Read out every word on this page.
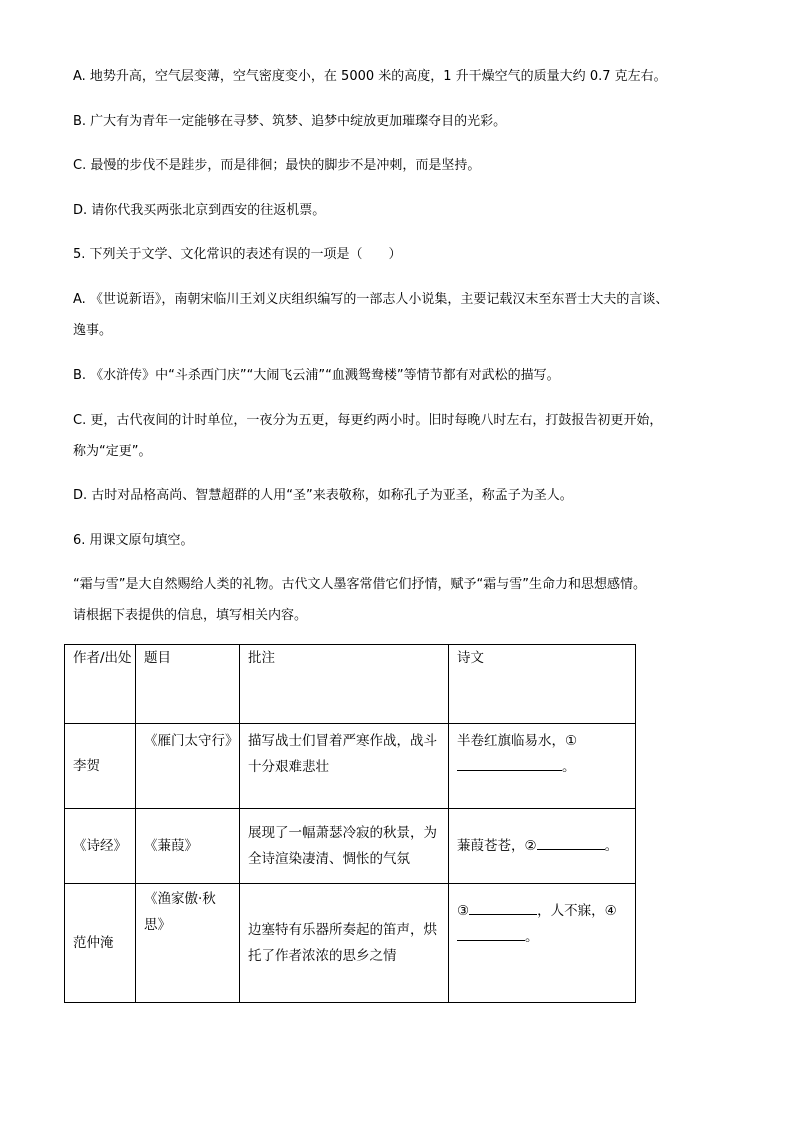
A. 地势升高，空气层变薄，空气密度变小，在 5000 米的高度，1 升干燥空气的质量大约 0.7 克左右。
B. 广大有为青年一定能够在寻梦、筑梦、追梦中绽放更加璀璨夺目的光彩。
C. 最慢的步伐不是跬步，而是徘徊；最快的脚步不是冲刺，而是坚持。
D. 请你代我买两张北京到西安的往返机票。
5. 下列关于文学、文化常识的表述有误的一项是（　　）
A. 《世说新语》，南朝宋临川王刘义庆组织编写的一部志人小说集，主要记载汉末至东晋士大夫的言谈、
逸事。
B. 《水浒传》中“斗杀西门庆”“大闹飞云浦”“血溅鸳鸯楼”等情节都有对武松的描写。
C. 更，古代夜间的计时单位，一夜分为五更，每更约两小时。旧时每晚八时左右，打鼓报告初更开始，
称为“定更”。
D. 古时对品格高尚、智慧超群的人用“圣”来表敬称，如称孔子为亚圣，称孟子为圣人。
6. 用课文原句填空。
“霜与雪”是大自然赐给人类的礼物。古代文人墨客常借它们抒情，赋予“霜与雪”生命力和思想感情。
请根据下表提供的信息，填写相关内容。
作者/出处	题目	批注	诗文
李贺	《雁门太守行》	描写战士们冒着严寒作战，战斗十分艰难悲壮	半卷红旗临易水，①
。
《诗经》	《蒹葭》	展现了一幅萧瑟冷寂的秋景，为全诗渲染凄清、惆怅的气氛	蒹葭苍苍，② 。
范仲淹	《渔家傲·秋思》	边塞特有乐器所奏起的笛声，烘托了作者浓浓的思乡之情	③ ，人不寐，④
。
